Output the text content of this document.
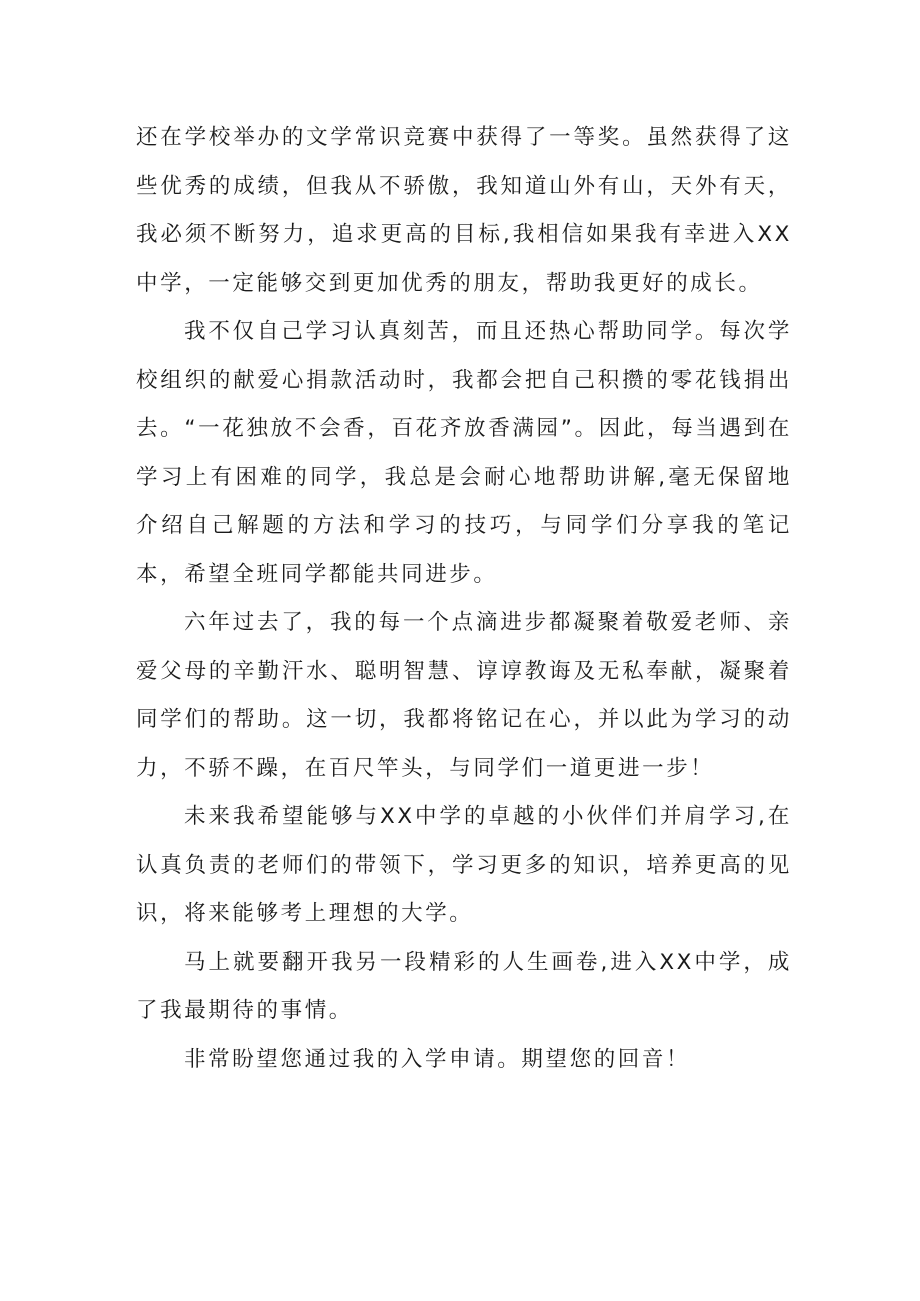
还在学校举办的文学常识竞赛中获得了一等奖。虽然获得了这些优秀的成绩，但我从不骄傲，我知道山外有山，天外有天，我必须不断努力，追求更高的目标,我相信如果我有幸进入XX中学，一定能够交到更加优秀的朋友，帮助我更好的成长。

我不仅自己学习认真刻苦，而且还热心帮助同学。每次学校组织的献爱心捐款活动时，我都会把自己积攒的零花钱捐出去。“一花独放不会香，百花齐放香满园”。因此，每当遇到在学习上有困难的同学，我总是会耐心地帮助讲解,毫无保留地介绍自己解题的方法和学习的技巧，与同学们分享我的笔记本，希望全班同学都能共同进步。

六年过去了，我的每一个点滴进步都凝聚着敬爱老师、亲爱父母的辛勤汗水、聪明智慧、谆谆教诲及无私奉献，凝聚着同学们的帮助。这一切，我都将铭记在心，并以此为学习的动力，不骄不躁，在百尺竿头，与同学们一道更进一步！

未来我希望能够与XX中学的卓越的小伙伴们并肩学习,在认真负责的老师们的带领下，学习更多的知识，培养更高的见识，将来能够考上理想的大学。

马上就要翻开我另一段精彩的人生画卷,进入XX中学，成了我最期待的事情。

非常盼望您通过我的入学申请。期望您的回音！
